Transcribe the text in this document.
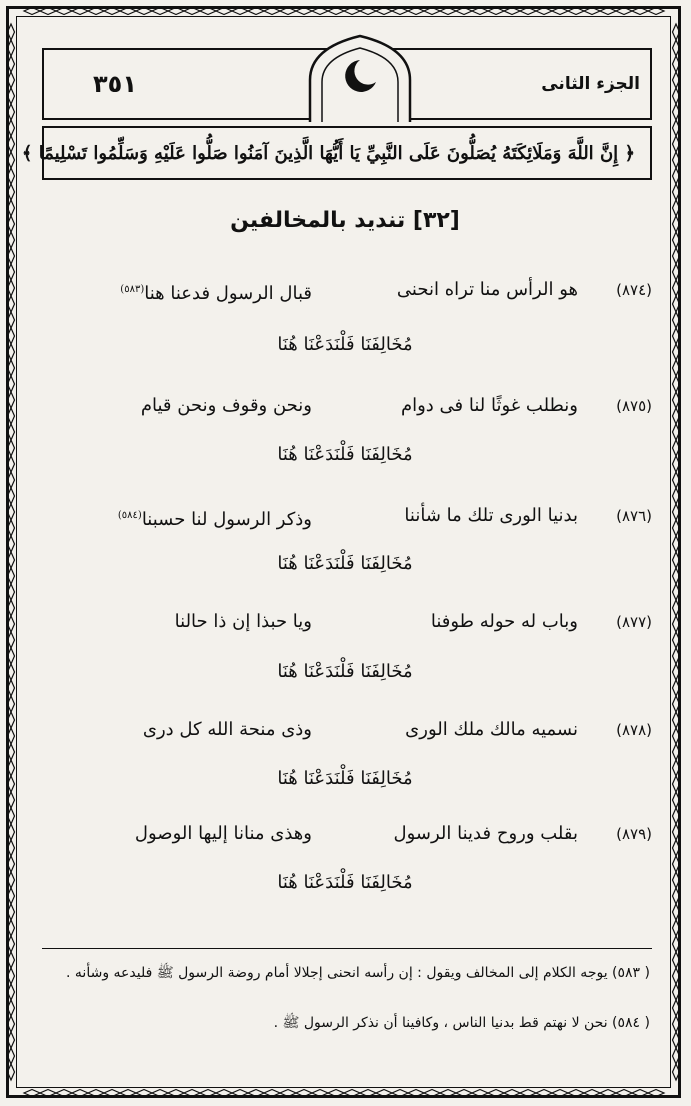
٣٥١	الجزء الثانى
﴿ إِنَّ اللَّهَ وَمَلَائِكَتَهُ يُصَلُّونَ عَلَى النَّبِيِّ يَا أَيُّهَا الَّذِينَ آمَنُوا صَلُّوا عَلَيْهِ وَسَلِّمُوا تَسْلِيمًا ﴾
[٣٢] تنديد بالمخالفين
(٨٧٤)
هو الرأس منا تراه انحنى
قبال الرسول فدعنا هنا$^{(٥٨٣)}$
مُخَالِفَنَا فَلْنَدَعْنَا هُنَا
(٨٧٥)
ونطلب غوثًا لنا فى دوام
ونحن وقوف ونحن قيام
مُخَالِفَنَا فَلْنَدَعْنَا هُنَا
(٨٧٦)
بدنيا الورى تلك ما شأننا
وذكر الرسول لنا حسبنا$^{(٥٨٤)}$
مُخَالِفَنَا فَلْنَدَعْنَا هُنَا
(٨٧٧)
وباب له حوله طوفنا
ويا حبذا إن ذا حالنا
مُخَالِفَنَا فَلْنَدَعْنَا هُنَا
(٨٧٨)
نسميه مالك ملك الورى
وذى منحة الله كل درى
مُخَالِفَنَا فَلْنَدَعْنَا هُنَا
(٨٧٩)
بقلب وروح فدينا الرسول
وهذى منانا إليها الوصول
مُخَالِفَنَا فَلْنَدَعْنَا هُنَا
( ٥٨٣) يوجه الكلام إلى المخالف ويقول : إن رأسه انحنى إجلالا أمام روضة الرسول ﷺ فليدعه وشأنه .
( ٥٨٤) نحن لا نهتم قط بدنيا الناس ، وكافينا أن نذكر الرسول ﷺ .
